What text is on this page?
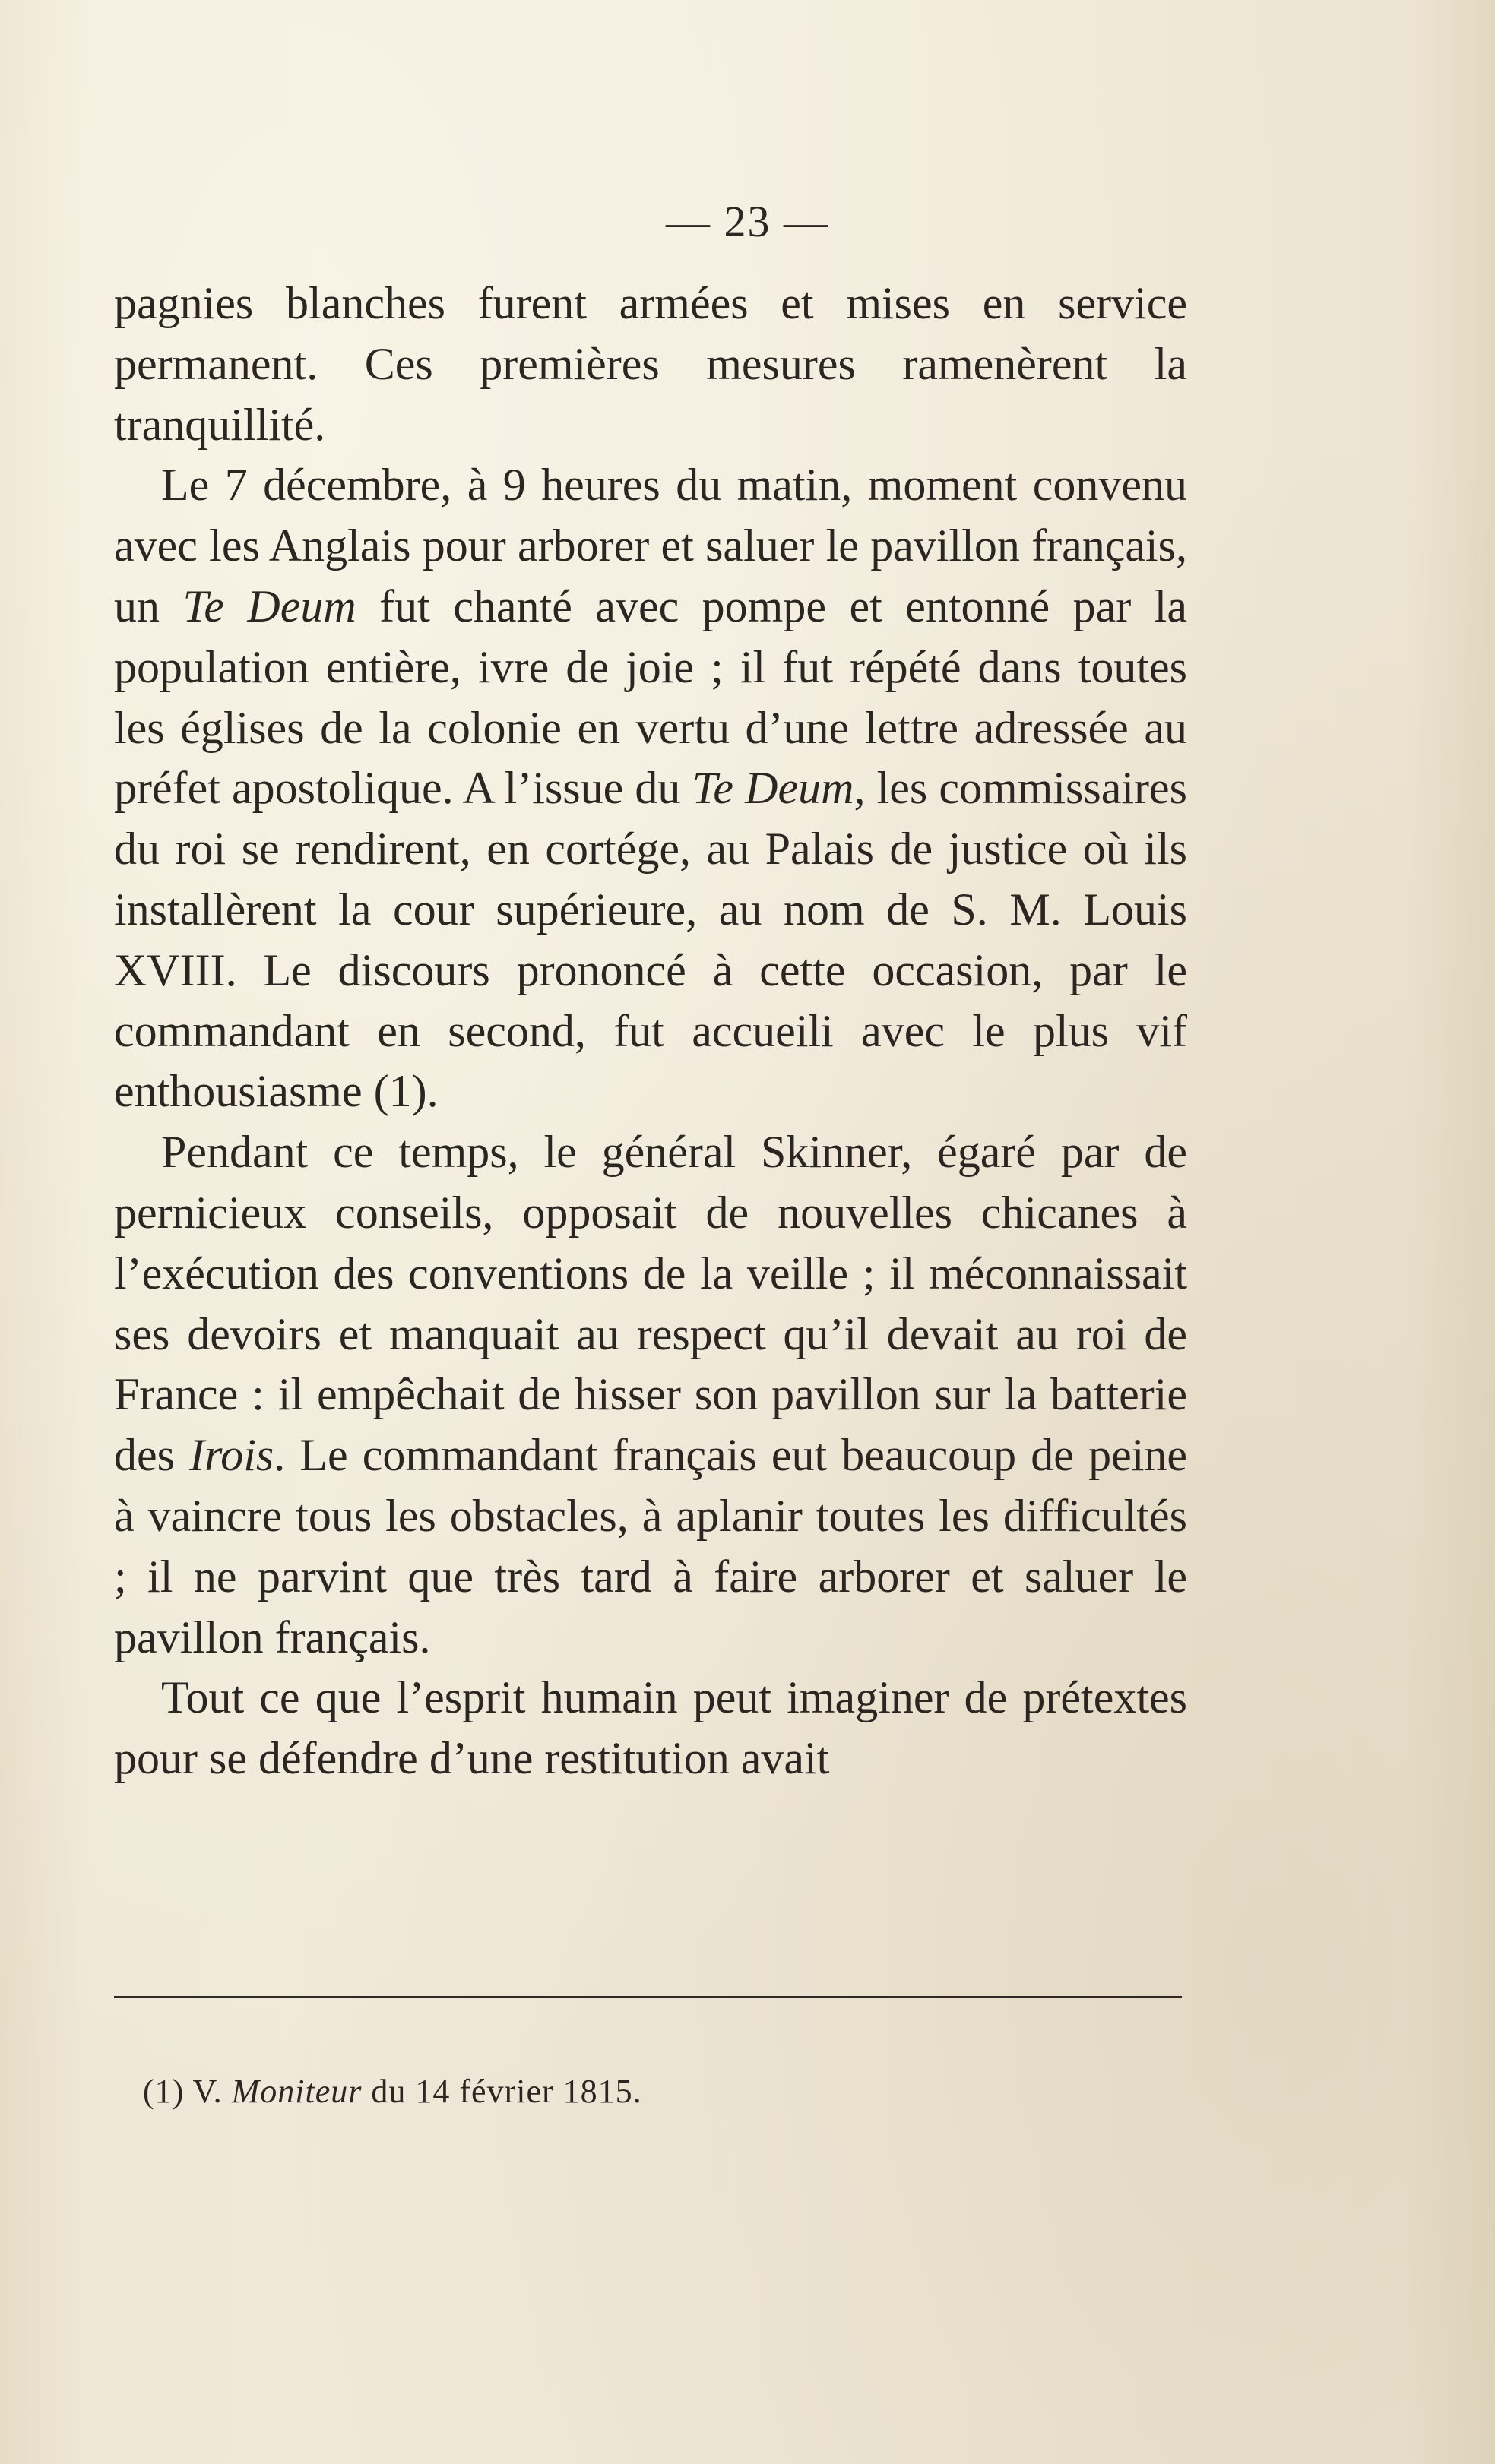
— 23 —

pagnies blanches furent armées et mises en service permanent. Ces premières mesures ramenèrent la tranquillité.

Le 7 décembre, à 9 heures du matin, moment convenu avec les Anglais pour arborer et saluer le pavillon français, un Te Deum fut chanté avec pompe et entonné par la population entière, ivre de joie ; il fut répété dans toutes les églises de la colonie en vertu d’une lettre adressée au préfet apostolique. A l’issue du Te Deum, les commissaires du roi se rendirent, en cortége, au Palais de justice où ils installèrent la cour supérieure, au nom de S. M. Louis XVIII. Le discours prononcé à cette occasion, par le commandant en second, fut accueili avec le plus vif enthousiasme (1).

Pendant ce temps, le général Skinner, égaré par de pernicieux conseils, opposait de nouvelles chicanes à l’exécution des conventions de la veille ; il méconnaissait ses devoirs et manquait au respect qu’il devait au roi de France : il empêchait de hisser son pavillon sur la batterie des Irois. Le commandant français eut beaucoup de peine à vaincre tous les obstacles, à aplanir toutes les difficultés ; il ne parvint que très tard à faire arborer et saluer le pavillon français.

Tout ce que l’esprit humain peut imaginer de prétextes pour se défendre d’une restitution avait

(1) V. Moniteur du 14 février 1815.
